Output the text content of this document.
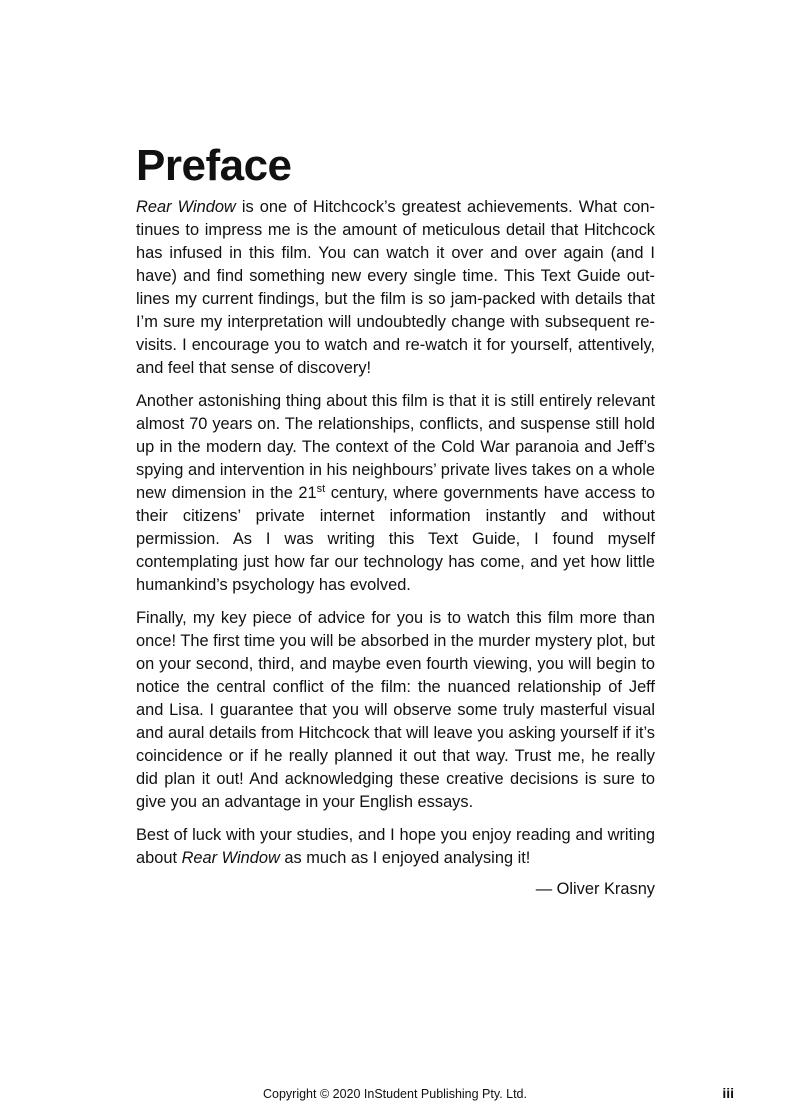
Preface

Rear Window is one of Hitchcock’s greatest achievements. What continues to impress me is the amount of meticulous detail that Hitchcock has infused in this film. You can watch it over and over again (and I have) and find something new every single time. This Text Guide outlines my current findings, but the film is so jam-packed with details that I’m sure my interpretation will undoubtedly change with subsequent revisits. I encourage you to watch and re-watch it for yourself, attentively, and feel that sense of discovery!

Another astonishing thing about this film is that it is still entirely relevant almost 70 years on. The relationships, conflicts, and suspense still hold up in the modern day. The context of the Cold War paranoia and Jeff’s spying and intervention in his neighbours’ private lives takes on a whole new dimension in the 21st century, where governments have access to their citizens’ private internet information instantly and without permission. As I was writing this Text Guide, I found myself contemplating just how far our technology has come, and yet how little humankind’s psychology has evolved.

Finally, my key piece of advice for you is to watch this film more than once! The first time you will be absorbed in the murder mystery plot, but on your second, third, and maybe even fourth viewing, you will begin to notice the central conflict of the film: the nuanced relationship of Jeff and Lisa. I guarantee that you will observe some truly masterful visual and aural details from Hitchcock that will leave you asking yourself if it’s coincidence or if he really planned it out that way. Trust me, he really did plan it out! And acknowledging these creative decisions is sure to give you an advantage in your English essays.

Best of luck with your studies, and I hope you enjoy reading and writing about Rear Window as much as I enjoyed analysing it!

— Oliver Krasny
Copyright © 2020 InStudent Publishing Pty. Ltd.	iii
